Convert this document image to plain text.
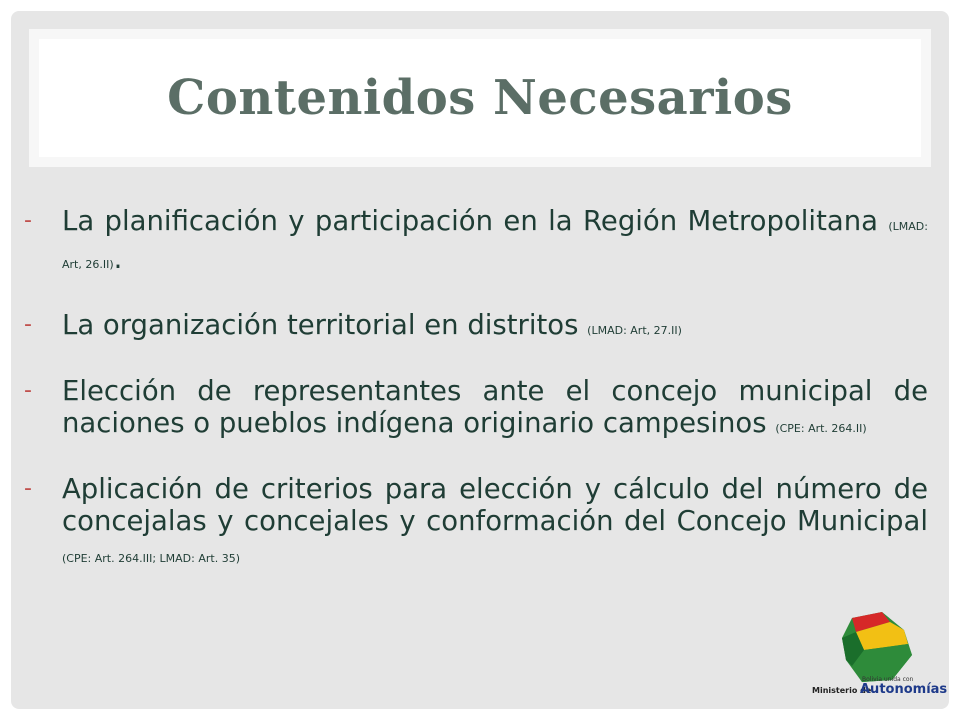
Contenidos Necesarios
-	La planificación y participación en la Región Metropolitana (LMAD: Art, 26.II).
-	La organización territorial en distritos (LMAD: Art, 27.II)
-	Elección de representantes ante el concejo municipal de naciones o pueblos indígena originario campesinos (CPE: Art. 264.II)
-	Aplicación de criterios para elección y cálculo del número de concejalas y concejales y conformación del Concejo Municipal (CPE: Art. 264.III; LMAD: Art. 35)
Bolivia unida con
Ministerio de
Autonomías
